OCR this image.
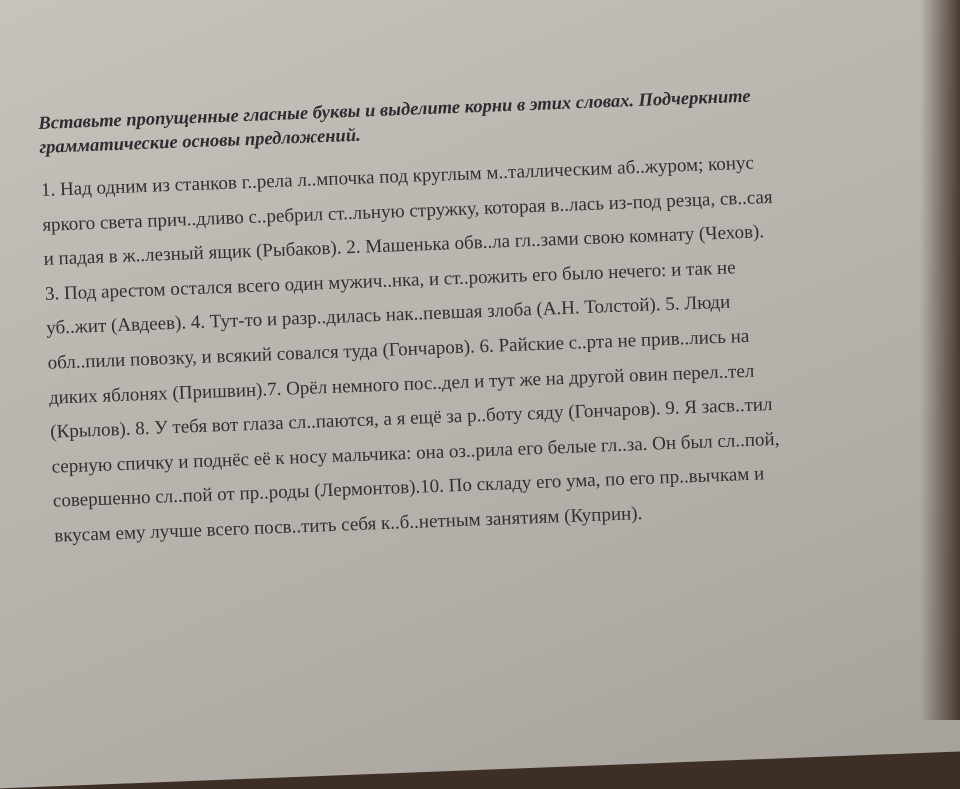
Вставьте пропущенные гласные буквы и выделите корни в этих словах. Подчеркните
грамматические основы предложений.

1. Над одним из станков г..рела л..мпочка под круглым м..таллическим аб..журом; конус
яркого света прич..дливо с..ребрил ст..льную стружку, которая в..лась из-под резца, св..сая
и падая в ж..лезный ящик (Рыбаков). 2. Машенька обв..ла гл..зами свою комнату (Чехов).
3. Под арестом остался всего один мужич..нка, и ст..рожить его было нечего: и так не
уб..жит (Авдеев). 4. Тут-то и разр..дилась нак..певшая злоба (А.Н. Толстой). 5. Люди
обл..пили повозку, и всякий совался туда (Гончаров). 6. Райские с..рта не прив..лись на
диких яблонях (Пришвин).7. Орёл немного пос..дел и тут же на другой овин перел..тел
(Крылов). 8. У тебя вот глаза сл..паются, а я ещё за р..боту сяду (Гончаров). 9. Я засв..тил
серную спичку и поднёс её к носу мальчика: она оз..рила его белые гл..за. Он был сл..пой,
совершенно сл..пой от пр..роды (Лермонтов).10. По складу его ума, по его пр..вычкам и
вкусам ему лучше всего посв..тить себя к..б..нетным занятиям (Куприн).
